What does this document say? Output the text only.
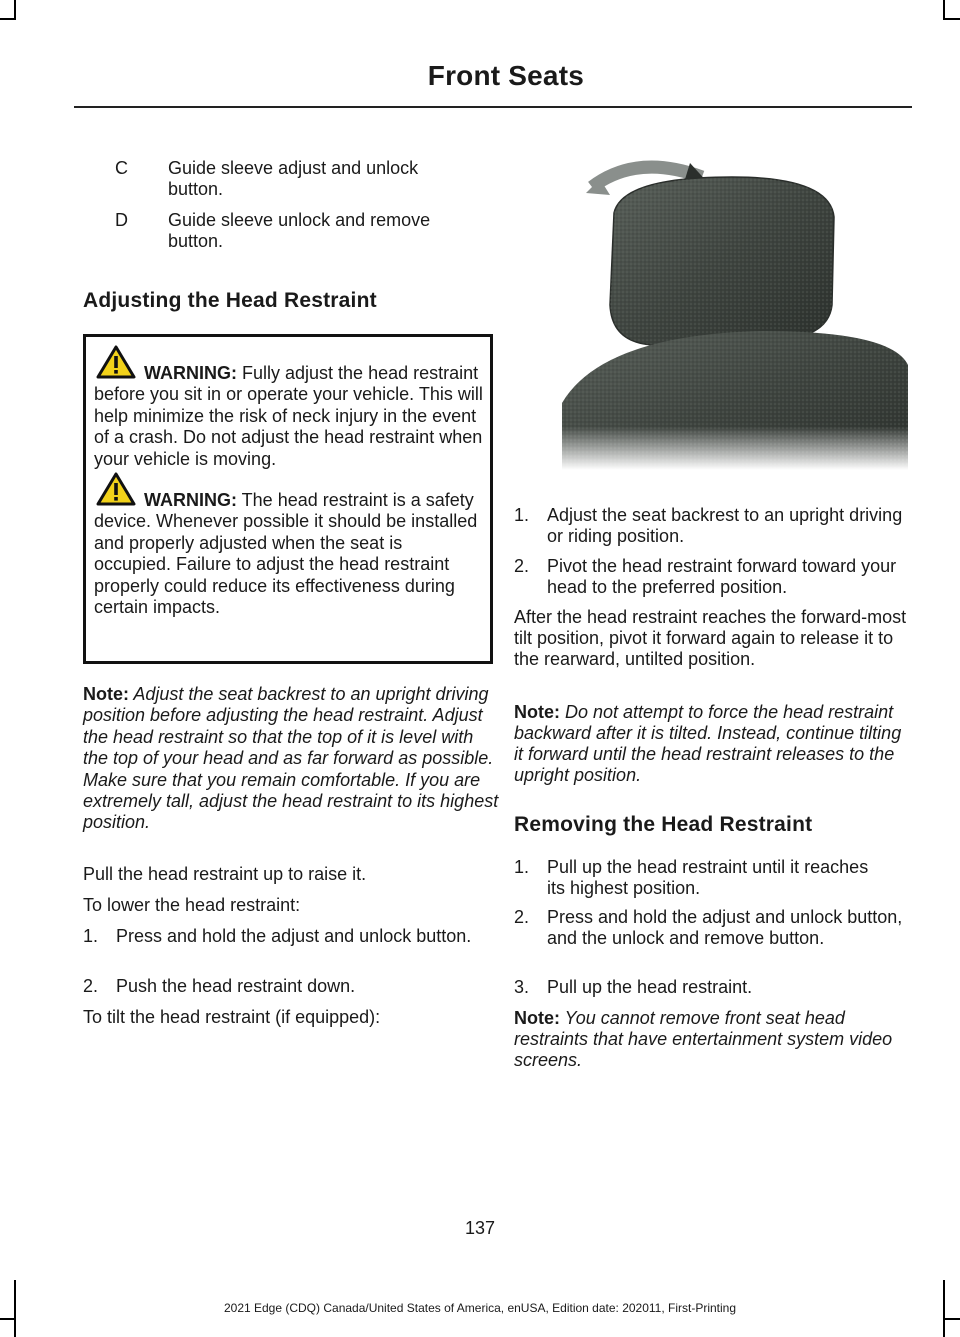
Front Seats
C Guide sleeve adjust and unlock button.
D Guide sleeve unlock and remove button.
Adjusting the Head Restraint

WARNING: Fully adjust the head restraint before you sit in or operate your vehicle. This will help minimize the risk of neck injury in the event of a crash. Do not adjust the head restraint when your vehicle is moving.

WARNING: The head restraint is a safety device. Whenever possible it should be installed and properly adjusted when the seat is occupied. Failure to adjust the head restraint properly could reduce its effectiveness during certain impacts.

Note: Adjust the seat backrest to an upright driving position before adjusting the head restraint. Adjust the head restraint so that the top of it is level with the top of your head and as far forward as possible. Make sure that you remain comfortable. If you are extremely tall, adjust the head restraint to its highest position.

Pull the head restraint up to raise it.

To lower the head restraint:

1. Press and hold the adjust and unlock button.
2. Push the head restraint down.

To tilt the head restraint (if equipped):

1. Adjust the seat backrest to an upright driving or riding position.
2. Pivot the head restraint forward toward your head to the preferred position.

After the head restraint reaches the forward-most tilt position, pivot it forward again to release it to the rearward, untilted position.

Note: Do not attempt to force the head restraint backward after it is tilted. Instead, continue tilting it forward until the head restraint releases to the upright position.

Removing the Head Restraint
1. Pull up the head restraint until it reaches its highest position.
2. Press and hold the adjust and unlock button, and the unlock and remove button.
3. Pull up the head restraint.

Note: You cannot remove front seat head restraints that have entertainment system video screens.

137
2021 Edge (CDQ) Canada/United States of America, enUSA, Edition date: 202011, First-Printing
